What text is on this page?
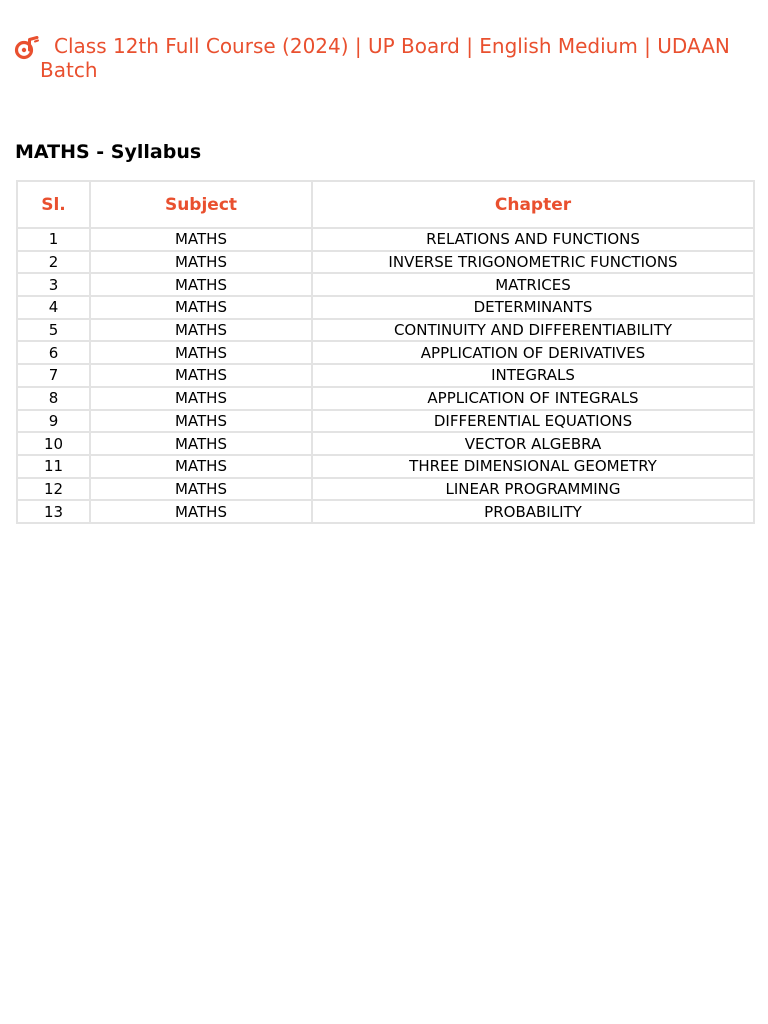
Class 12th Full Course (2024) | UP Board | English Medium | UDAAN Batch
MATHS - Syllabus
Sl.	Subject	Chapter
1	MATHS	RELATIONS AND FUNCTIONS
2	MATHS	INVERSE TRIGONOMETRIC FUNCTIONS
3	MATHS	MATRICES
4	MATHS	DETERMINANTS
5	MATHS	CONTINUITY AND DIFFERENTIABILITY
6	MATHS	APPLICATION OF DERIVATIVES
7	MATHS	INTEGRALS
8	MATHS	APPLICATION OF INTEGRALS
9	MATHS	DIFFERENTIAL EQUATIONS
10	MATHS	VECTOR ALGEBRA
11	MATHS	THREE DIMENSIONAL GEOMETRY
12	MATHS	LINEAR PROGRAMMING
13	MATHS	PROBABILITY
